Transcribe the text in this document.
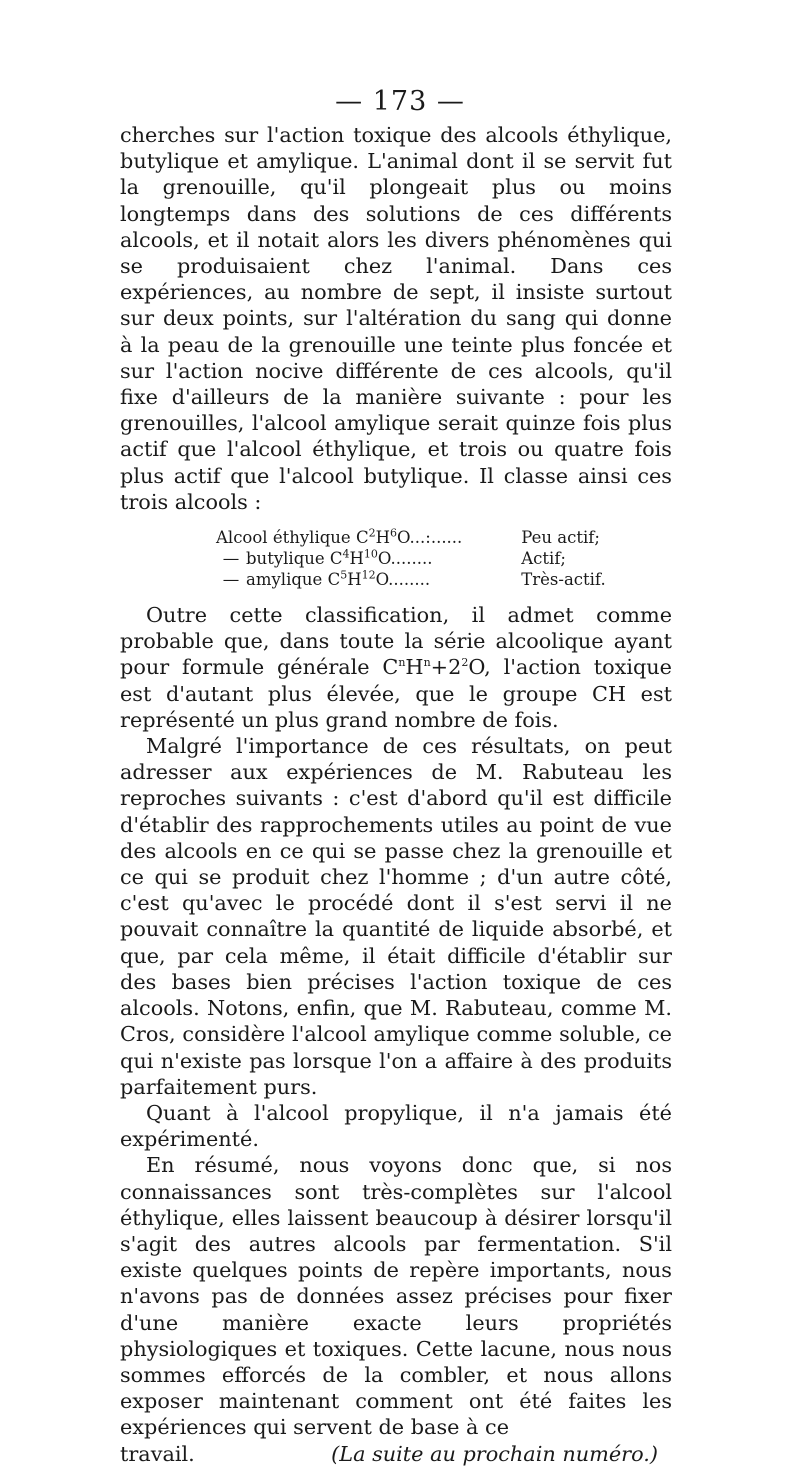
— 173 —

cherches sur l'action toxique des alcools éthylique, butylique et amylique. L'animal dont il se servit fut la grenouille, qu'il plongeait plus ou moins longtemps dans des solutions de ces différents alcools, et il notait alors les divers phénomènes qui se produisaient chez l'animal. Dans ces expériences, au nombre de sept, il insiste surtout sur deux points, sur l'altération du sang qui donne à la peau de la grenouille une teinte plus foncée et sur l'action nocive différente de ces alcools, qu'il fixe d'ailleurs de la manière suivante : pour les grenouilles, l'alcool amylique serait quinze fois plus actif que l'alcool éthylique, et trois ou quatre fois plus actif que l'alcool butylique. Il classe ainsi ces trois alcools :

Alcool éthylique $C^2H^6O$...:......	Peu actif;
— butylique $C^4H^{10}O$........	Actif;
— amylique $C^5H^{12}O$........	Très-actif.

Outre cette classification, il admet comme probable que, dans toute la série alcoolique ayant pour formule générale $C^nH^n+2^2O$, l'action toxique est d'autant plus élevée, que le groupe CH est représenté un plus grand nombre de fois.

Malgré l'importance de ces résultats, on peut adresser aux expériences de M. Rabuteau les reproches suivants : c'est d'abord qu'il est difficile d'établir des rapprochements utiles au point de vue des alcools en ce qui se passe chez la grenouille et ce qui se produit chez l'homme ; d'un autre côté, c'est qu'avec le procédé dont il s'est servi il ne pouvait connaître la quantité de liquide absorbé, et que, par cela même, il était difficile d'établir sur des bases bien précises l'action toxique de ces alcools. Notons, enfin, que M. Rabuteau, comme M. Cros, considère l'alcool amylique comme soluble, ce qui n'existe pas lorsque l'on a affaire à des produits parfaitement purs.

Quant à l'alcool propylique, il n'a jamais été expérimenté.

En résumé, nous voyons donc que, si nos connaissances sont très-complètes sur l'alcool éthylique, elles laissent beaucoup à désirer lorsqu'il s'agit des autres alcools par fermentation. S'il existe quelques points de repère importants, nous n'avons pas de données assez précises pour fixer d'une manière exacte leurs propriétés physiologiques et toxiques. Cette lacune, nous nous sommes efforcés de la combler, et nous allons exposer maintenant comment ont été faites les expériences qui servent de base à ce

travail.	(La suite au prochain numéro.)
